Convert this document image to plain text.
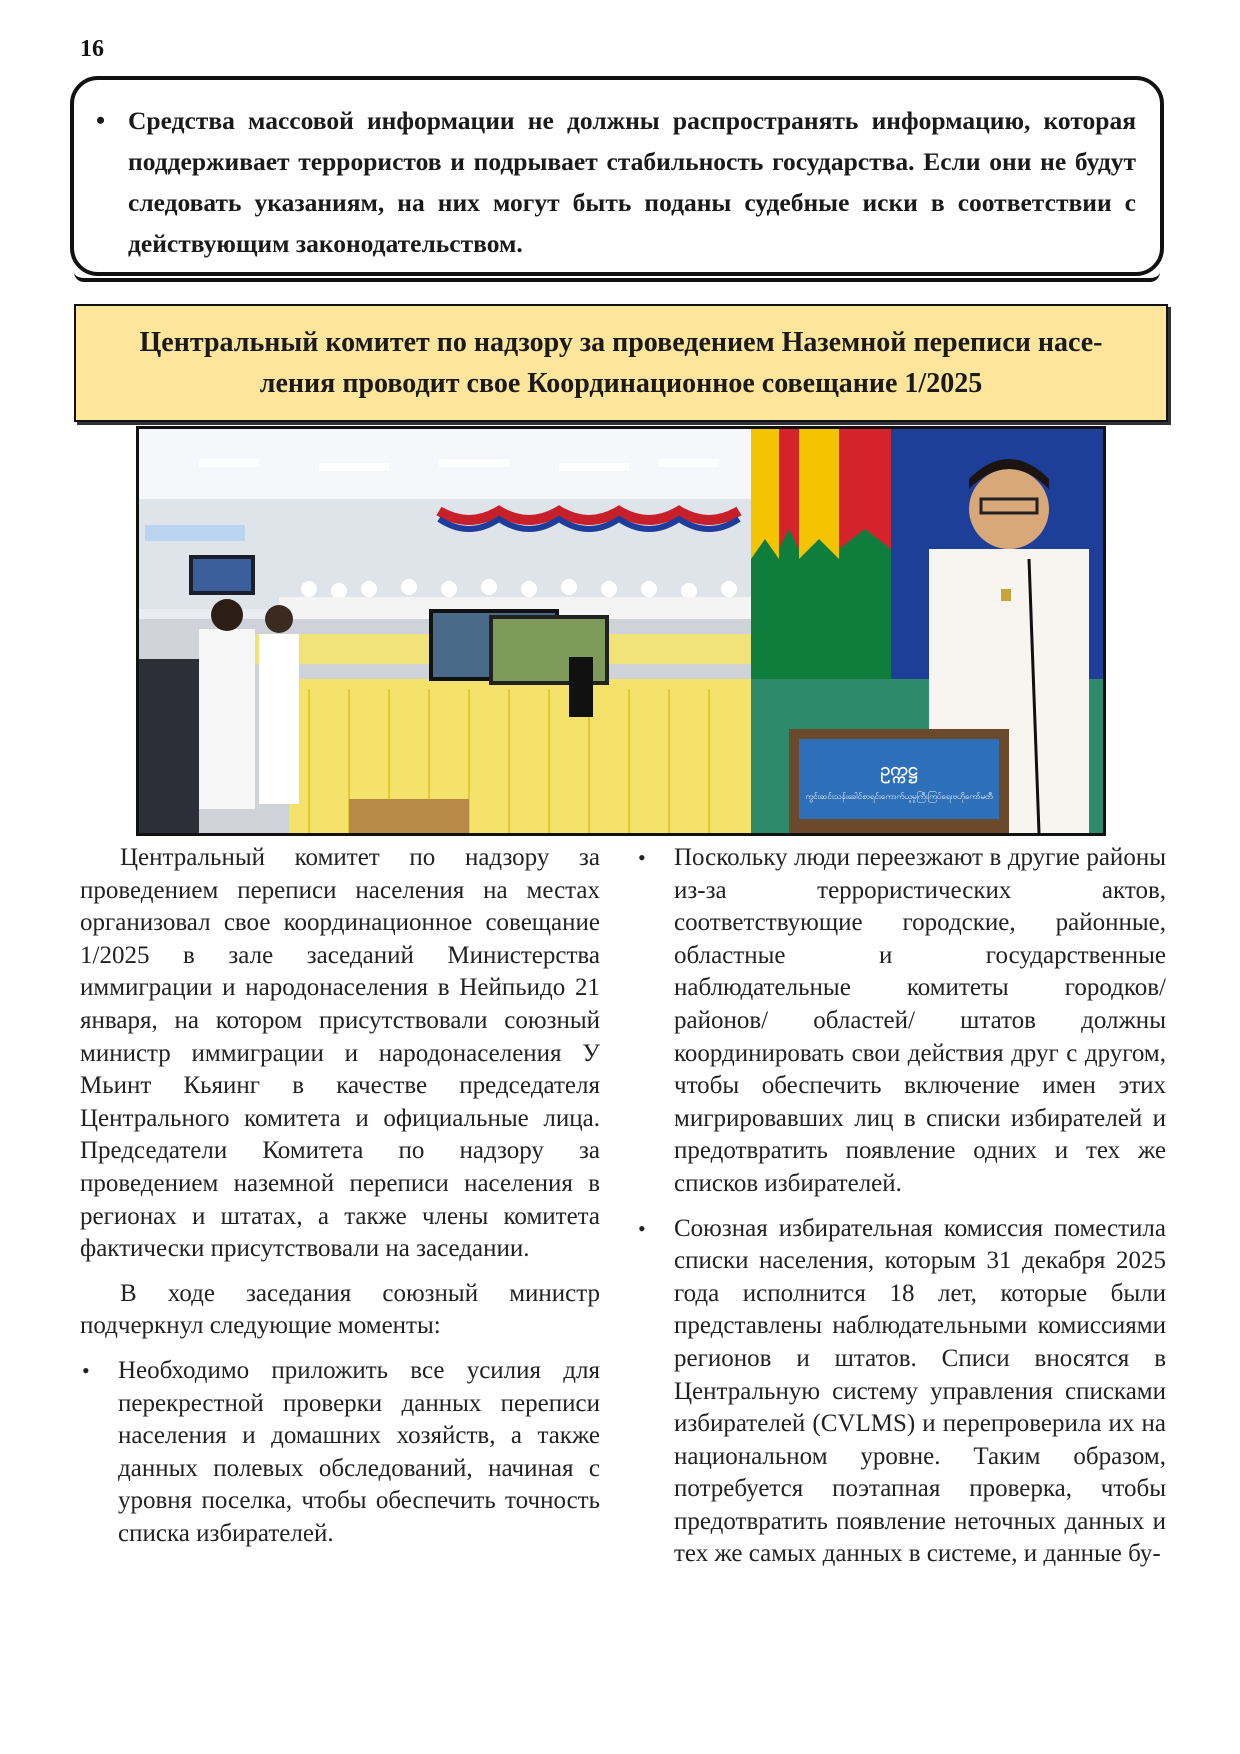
16
• Средства массовой информации не должны распространять информацию, которая поддерживает террористов и подрывает стабильность государства. Если они не будут следовать указаниям, на них могут быть поданы судебные иски в соответствии с действующим законодательством.
Центральный комитет по надзору за проведением Наземной переписи насе-
ления проводит свое Координационное совещание 1/2025
ဥက္ကဋ္ဌ
ကွင်းဆင်းသန်းခေါင်စာရင်းကောက်ယူမှုကြီးကြပ်ရေးဗဟိုကော်မတီ

Центральный комитет по надзору за проведением переписи населения на местах организовал свое координационное совещание 1/2025 в зале заседаний Министерства иммиграции и народонаселения в Нейпьидо 21 января, на котором присутствовали союзный министр иммиграции и народонаселения У Мьинт Кьяинг в качестве председателя Центрального комитета и официальные лица. Председатели Комитета по надзору за проведением наземной переписи населения в регионах и штатах, а также члены комитета фактически присутствовали на заседании.

В ходе заседания союзный министр подчеркнул следующие моменты:

• Необходимо приложить все усилия для перекрестной проверки данных переписи населения и домашних хозяйств, а также данных полевых обследований, начиная с уровня поселка, чтобы обеспечить точность списка избирателей.
• Поскольку люди переезжают в другие районы из-за террористических актов, соответствующие городские, районные, областные и государственные наблюдательные комитеты городков/ районов/ областей/ штатов должны координировать свои действия друг с другом, чтобы обеспечить включение имен этих мигрировавших лиц в списки избирателей и предотвратить появление одних и тех же списков избирателей.
• Союзная избирательная комиссия поместила списки населения, которым 31 декабря 2025 года исполнится 18 лет, которые были представлены наблюдательными комиссиями регионов и штатов. Списи вносятся в Центральную систему управления списками избирателей (CVLMS) и перепроверила их на национальном уровне. Таким образом, потребуется поэтапная проверка, чтобы предотвратить появление неточных данных и тех же самых данных в системе, и данные бу-
